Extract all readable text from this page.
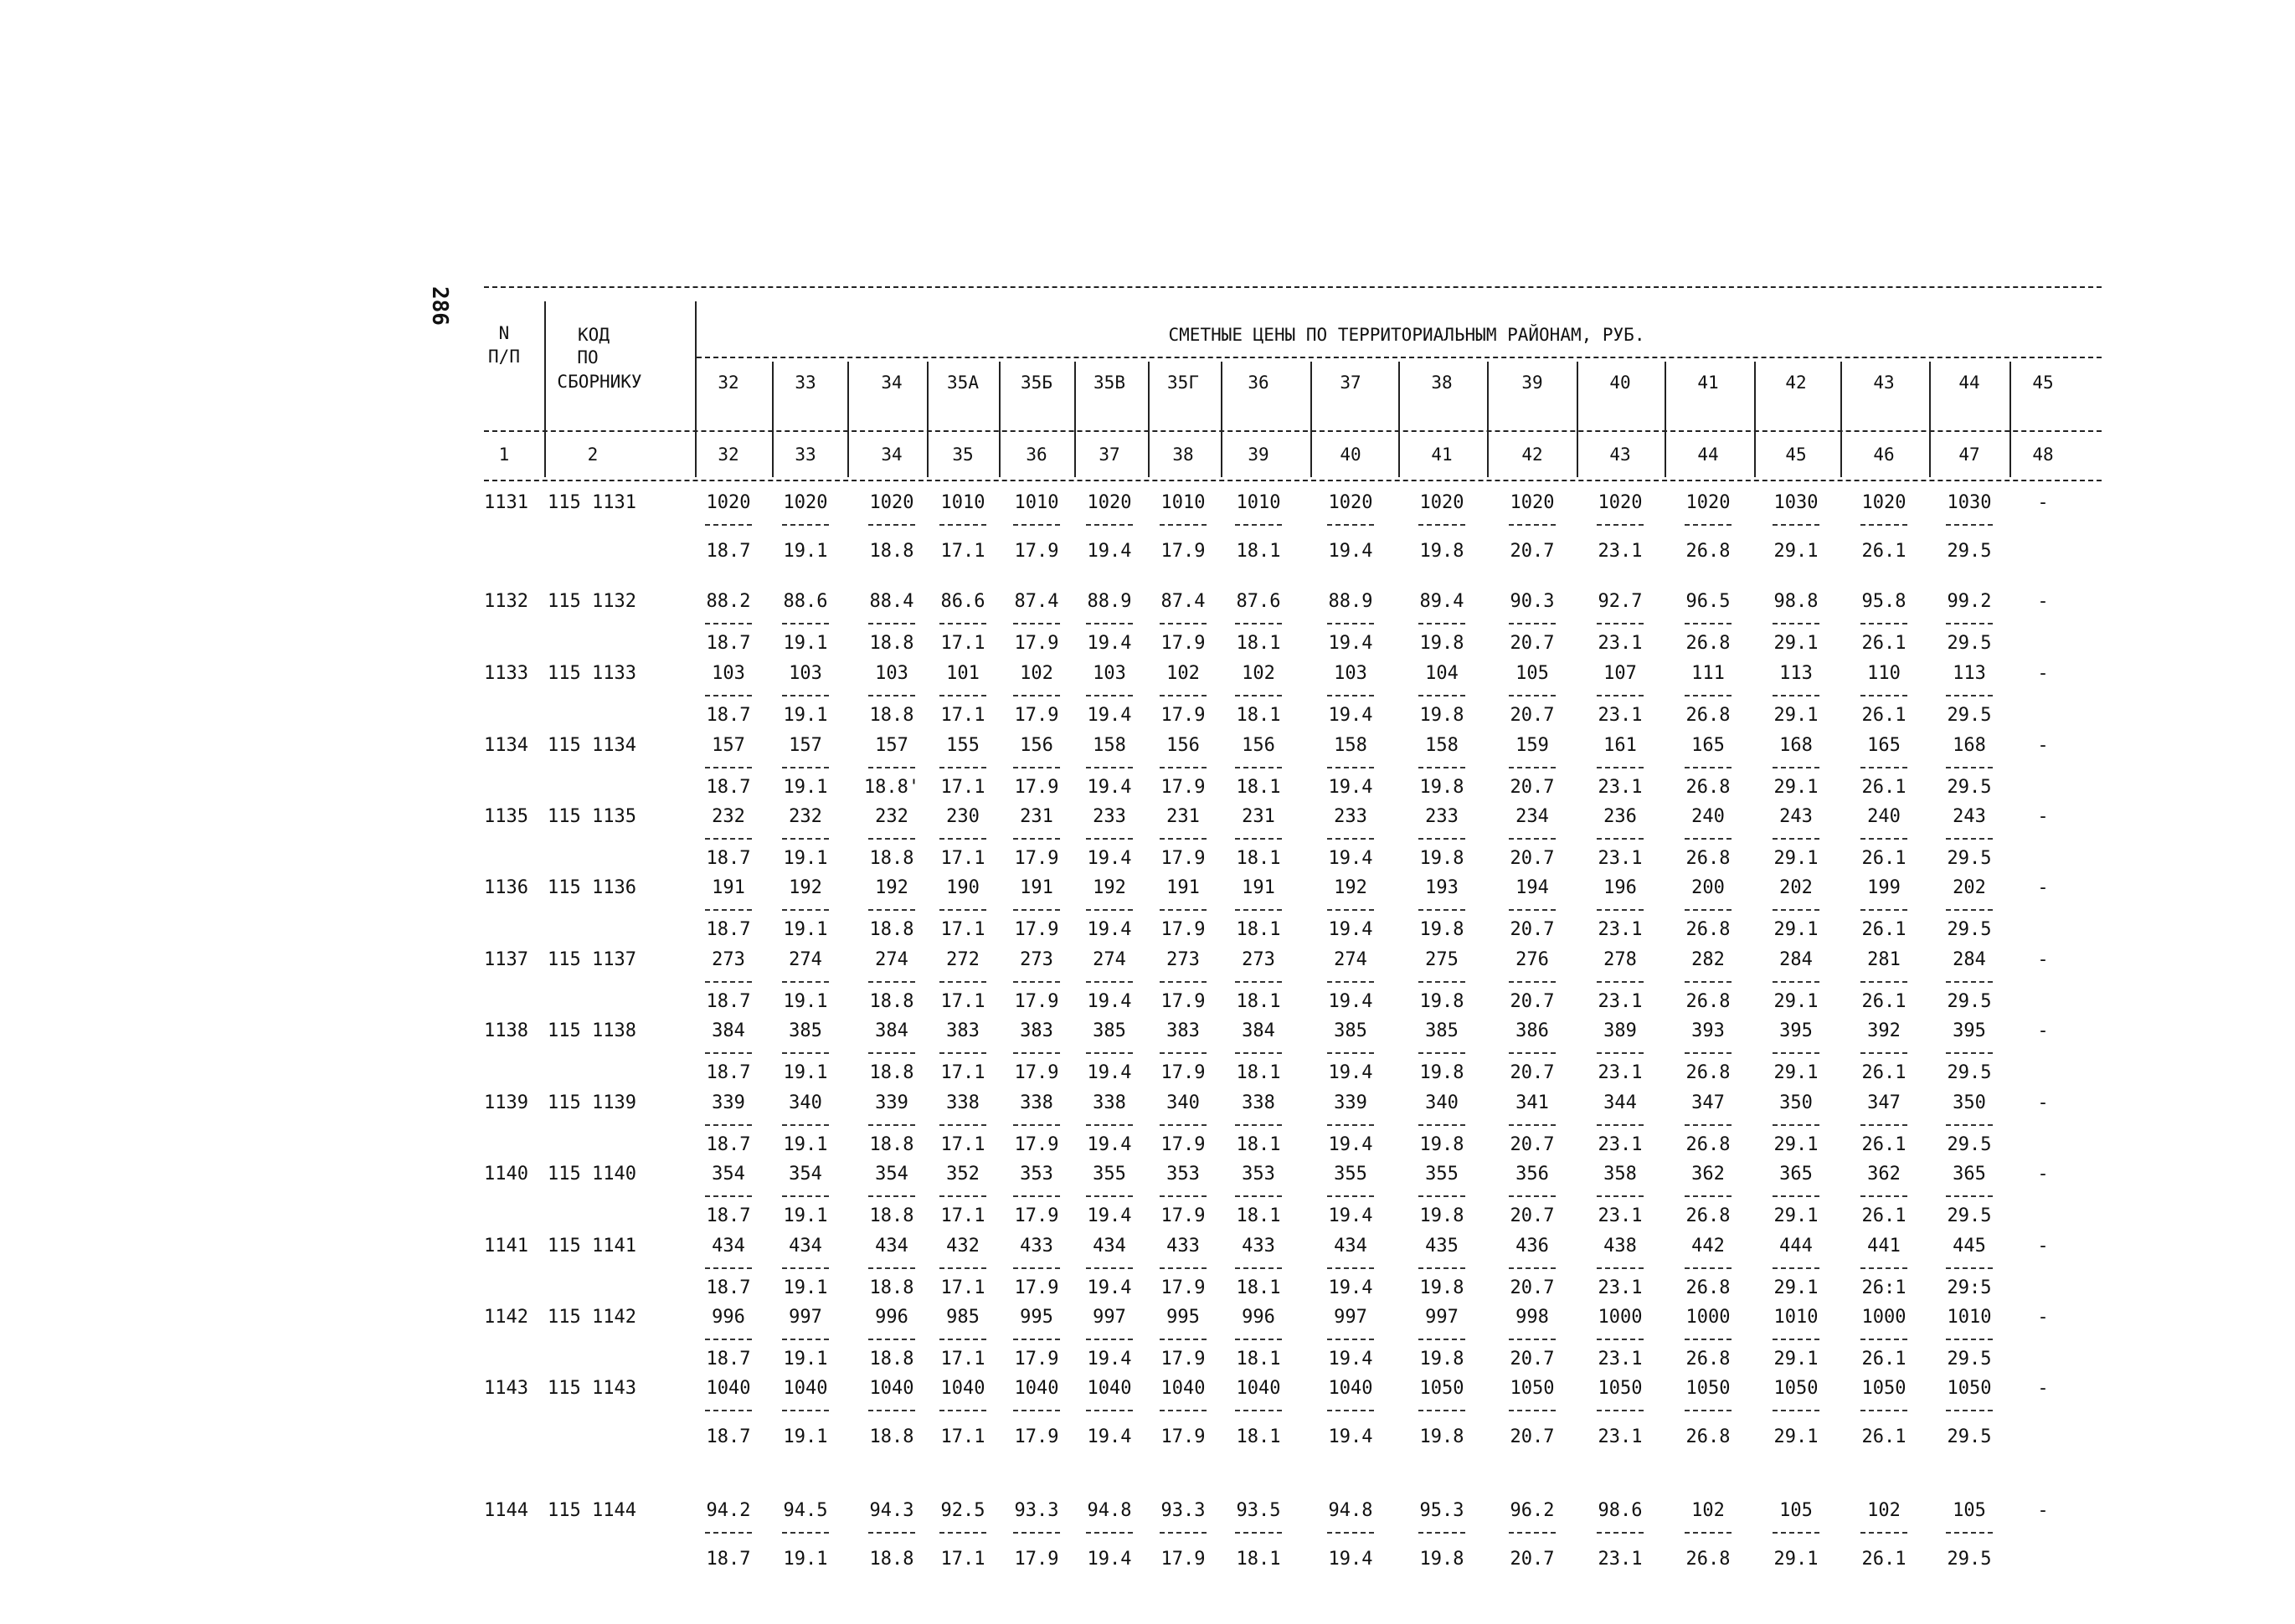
286
N
П/П
КОД
ПО
СБОРНИКУ
СМЕТНЫЕ ЦЕНЫ ПО ТЕРРИТОРИАЛЬНЫМ РАЙОНАМ, РУБ.
32	33	34	35А 35Б 35В 35Г	36	37	38	39	40	41	42	43	44	45
1	2	32	33	34	35	36	37	38	39	40	41	42	43	44	45	46	47	48
1131 115 1131	1020 1020 1020 1010 1010 1020 1010 1010	1020	1020	1020 1020 1020 1030 1020 1030 -
18.7 19.1 18.8 17.1 17.9 19.4 17.9 18.1	19.4	19.8	20.7 23.1 26.8 29.1 26.1 29.5
1132 115 1132	88.2 88.6 88.4 86.6 87.4 88.9 87.4 87.6	88.9	89.4	90.3 92.7 96.5 98.8 95.8 99.2 -
18.7 19.1 18.8 17.1 17.9 19.4 17.9 18.1	19.4	19.8	20.7 23.1 26.8 29.1 26.1 29.5
1133 115 1133	103 103	103 101 102 103 102 102	103	104	105	107	111	113	110	113	-
18.7 19.1 18.8 17.1 17.9 19.4 17.9 18.1	19.4	19.8	20.7 23.1 26.8 29.1 26.1 29.5
1134 115 1134	157 157	157 155 156 158 156 156	158	158	159	161	165	168	165	168	-
18.7 19.1 18.8' 17.1 17.9 19.4 17.9 18.1	19.4	19.8	20.7 23.1 26.8 29.1 26.1 29.5
1135 115 1135	232 232	232 230 231 233 231 231	233	233	234	236	240	243	240	243	-
18.7 19.1 18.8 17.1 17.9 19.4 17.9 18.1	19.4	19.8	20.7 23.1 26.8 29.1 26.1 29.5
1136 115 1136	191 192	192 190 191 192 191 191	192	193	194	196	200	202	199	202	-
18.7 19.1 18.8 17.1 17.9 19.4 17.9 18.1	19.4	19.8	20.7 23.1 26.8 29.1 26.1 29.5
1137 115 1137	273 274	274 272 273 274 273 273	274	275	276	278	282	284	281	284	-
18.7 19.1 18.8 17.1 17.9 19.4 17.9 18.1	19.4	19.8	20.7 23.1 26.8 29.1 26.1 29.5
1138 115 1138	384 385	384 383 383 385 383 384	385	385	386	389	393	395	392	395	-
18.7 19.1 18.8 17.1 17.9 19.4 17.9 18.1	19.4	19.8	20.7 23.1 26.8 29.1 26.1 29.5
1139 115 1139	339 340	339 338 338 338 340 338	339	340	341	344	347	350	347	350	-
18.7 19.1 18.8 17.1 17.9 19.4 17.9 18.1	19.4	19.8	20.7 23.1 26.8 29.1 26.1 29.5
1140 115 1140	354 354	354 352 353 355 353 353	355	355	356	358	362	365	362	365	-
18.7 19.1 18.8 17.1 17.9 19.4 17.9 18.1	19.4	19.8	20.7 23.1 26.8 29.1 26.1 29.5
1141 115 1141	434 434	434 432 433 434 433 433	434	435	436	438	442	444	441	445	-
18.7 19.1 18.8 17.1 17.9 19.4 17.9 18.1	19.4	19.8	20.7 23.1 26.8 29.1 26:1 29:5
1142 115 1142	996 997	996 985 995 997 995 996	997	997	998	1000 1000 1010 1000 1010 -
18.7 19.1 18.8 17.1 17.9 19.4 17.9 18.1	19.4	19.8	20.7 23.1 26.8 29.1 26.1 29.5
1143 115 1143	1040 1040 1040 1040 1040 1040 1040 1040	1040	1050	1050 1050 1050 1050 1050 1050 -
18.7 19.1 18.8 17.1 17.9 19.4 17.9 18.1	19.4	19.8	20.7 23.1 26.8 29.1 26.1 29.5
1144 115 1144	94.2 94.5 94.3 92.5 93.3 94.8 93.3 93.5	94.8	95.3	96.2 98.6	102	105	102	105	-
18.7 19.1 18.8 17.1 17.9 19.4 17.9 18.1	19.4	19.8	20.7 23.1 26.8 29.1 26.1 29.5
